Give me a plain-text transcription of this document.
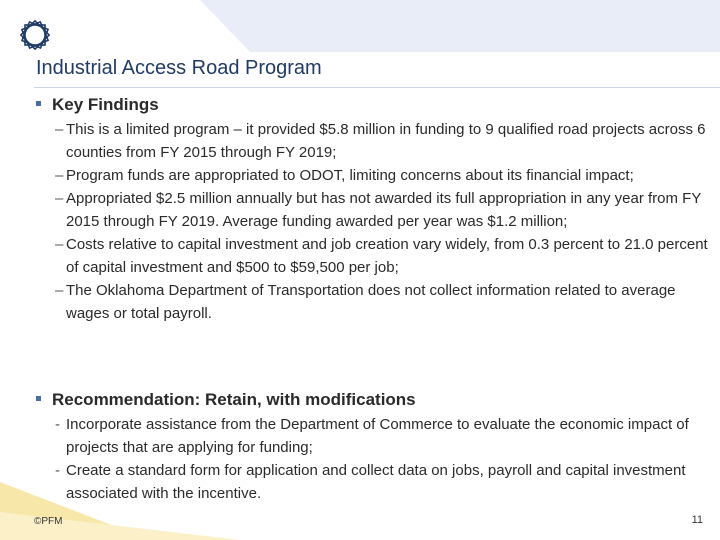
Industrial Access Road Program
Key Findings
– This is a limited program – it provided $5.8 million in funding to 9 qualified road projects across 6 counties from FY 2015 through FY 2019;
– Program funds are appropriated to ODOT, limiting concerns about its financial impact;
– Appropriated $2.5 million annually but has not awarded its full appropriation in any year from FY 2015 through FY 2019. Average funding awarded per year was $1.2 million;
– Costs relative to capital investment and job creation vary widely, from 0.3 percent to 21.0 percent of capital investment and $500 to $59,500 per job;
– The Oklahoma Department of Transportation does not collect information related to average wages or total payroll.
Recommendation: Retain, with modifications
- Incorporate assistance from the Department of Commerce to evaluate the economic impact of projects that are applying for funding;
- Create a standard form for application and collect data on jobs, payroll and capital investment associated with the incentive.
©PFM	11
